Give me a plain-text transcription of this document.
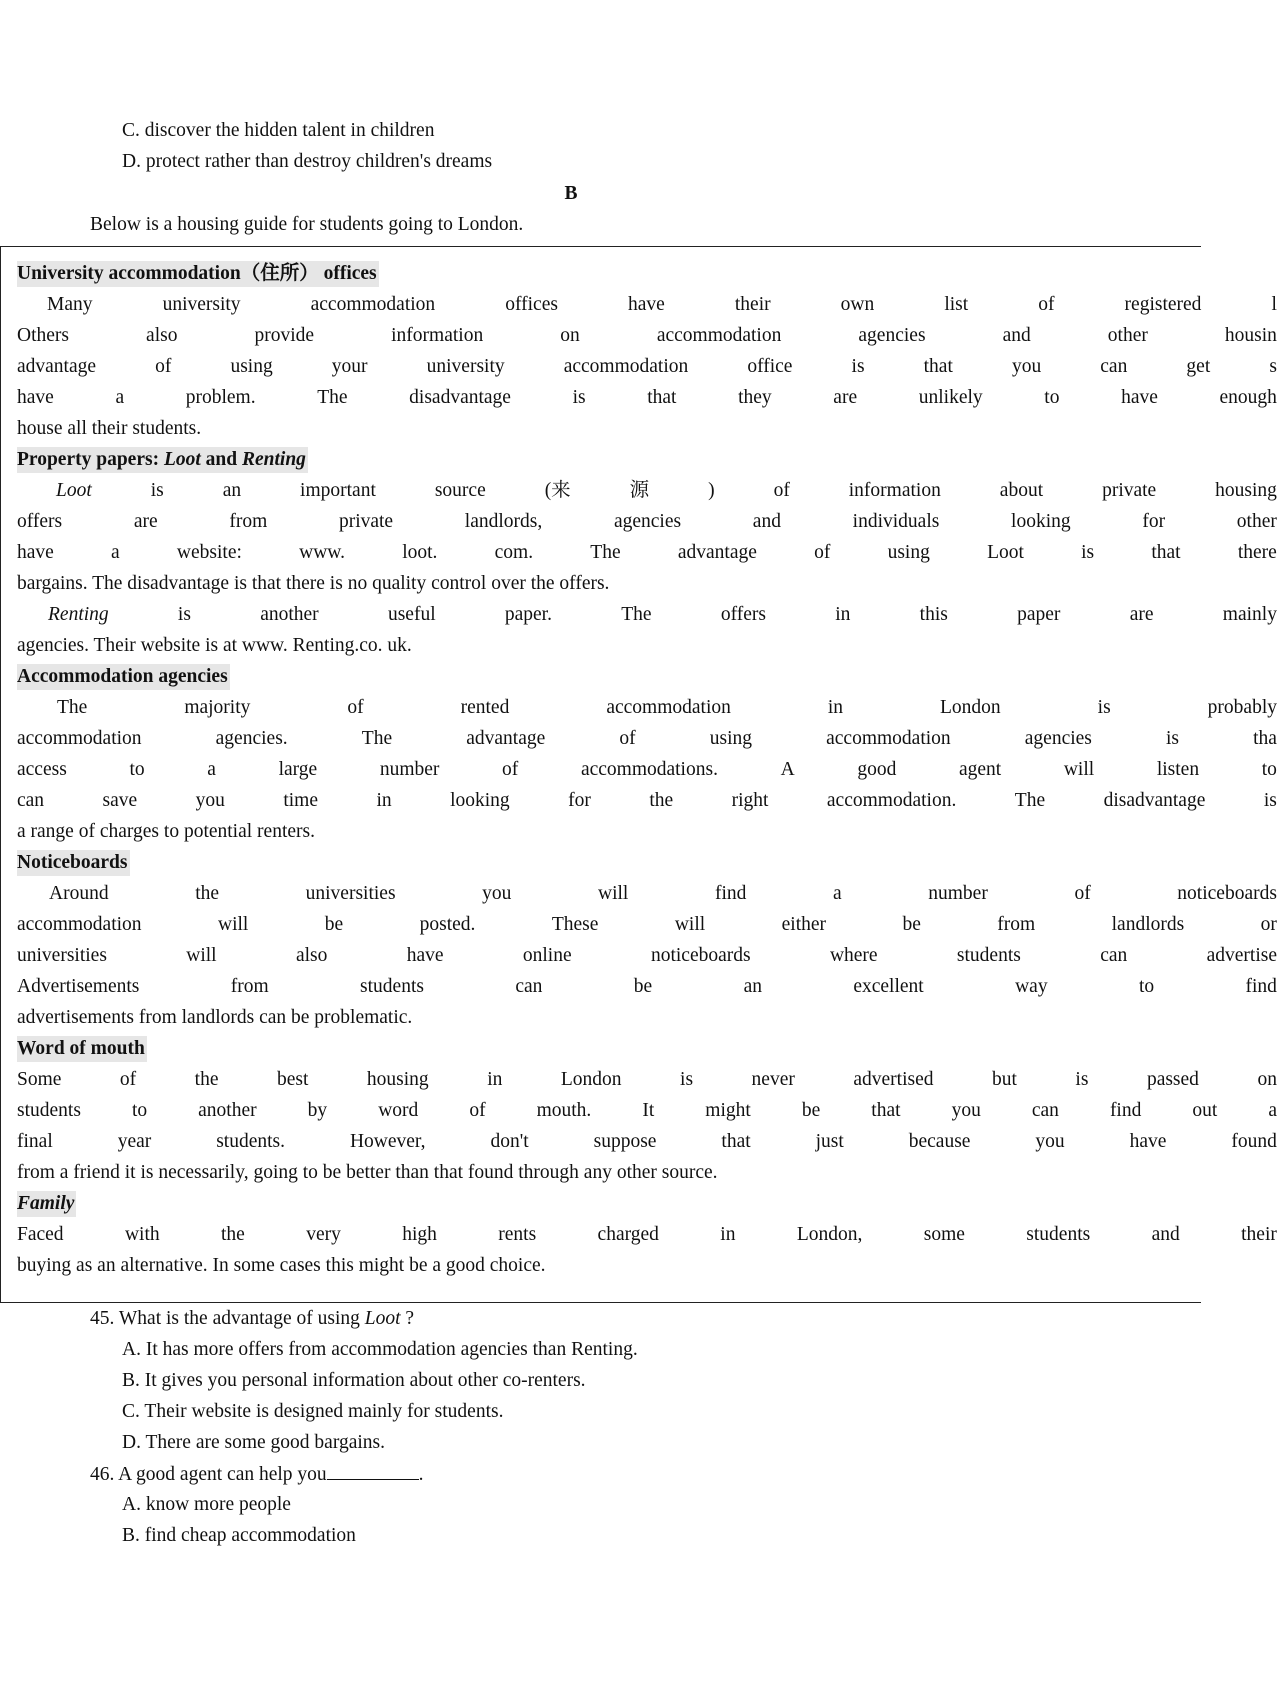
C. discover the hidden talent in children
D. protect rather than destroy children's dreams
B
Below is a housing guide for students going to London.
University accommodation（住所） offices
Many	university	accommodation	offices	have	their	own	list	of	registered	l
Others	also	provide	information	on	accommodation	agencies	and	other	housin
advantage	of	using	your	university	accommodation	office	is	that	you	can	get	s
have	a	problem.	The	disadvantage	is	that	they	are	unlikely	to	have	enough
house all their students.
Property papers: Loot and Renting
Loot	is	an	important	source	(来	源	)	of	information	about	private	housing
offers	are	from	private	landlords,	agencies	and	individuals	looking	for	other
have	a	website:	www.	loot.	com.	The	advantage	of	using	Loot	is	that	there
bargains. The disadvantage is that there is no quality control over the offers.
Renting	is	another	useful	paper.	The	offers	in	this	paper	are	mainly
agencies. Their website is at www. Renting.co. uk.
Accommodation agencies
The	majority	of	rented	accommodation	in	London	is	probably
accommodation	agencies.	The	advantage	of	using	accommodation	agencies	is	tha
access	to	a	large	number	of	accommodations.	A	good	agent	will	listen	to
can	save	you	time	in	looking	for	the	right	accommodation.	The	disadvantage	is
a range of charges to potential renters.
Noticeboards
Around	the	universities	you	will	find	a	number	of	noticeboards
accommodation	will	be	posted.	These	will	either	be	from	landlords	or
universities	will	also	have	online	noticeboards	where	students	can	advertise
Advertisements	from	students	can	be	an	excellent	way	to	find
advertisements from landlords can be problematic.
Word of mouth
Some	of	the	best	housing	in	London	is	never	advertised	but	is	passed	on
students	to	another	by	word	of	mouth.	It	might	be	that	you	can	find	out	a
final	year	students.	However,	don't	suppose	that	just	because	you	have	found
from a friend it is necessarily, going to be better than that found through any other source.
Family
Faced	with	the	very	high	rents	charged	in	London,	some	students	and	their
buying as an alternative. In some cases this might be a good choice.
45. What is the advantage of using Loot ?
A. It has more offers from accommodation agencies than Renting.
B. It gives you personal information about other co-renters.
C. Their website is designed mainly for students.
D. There are some good bargains.
46. A good agent can help you	.
A. know more people
B. find cheap accommodation
